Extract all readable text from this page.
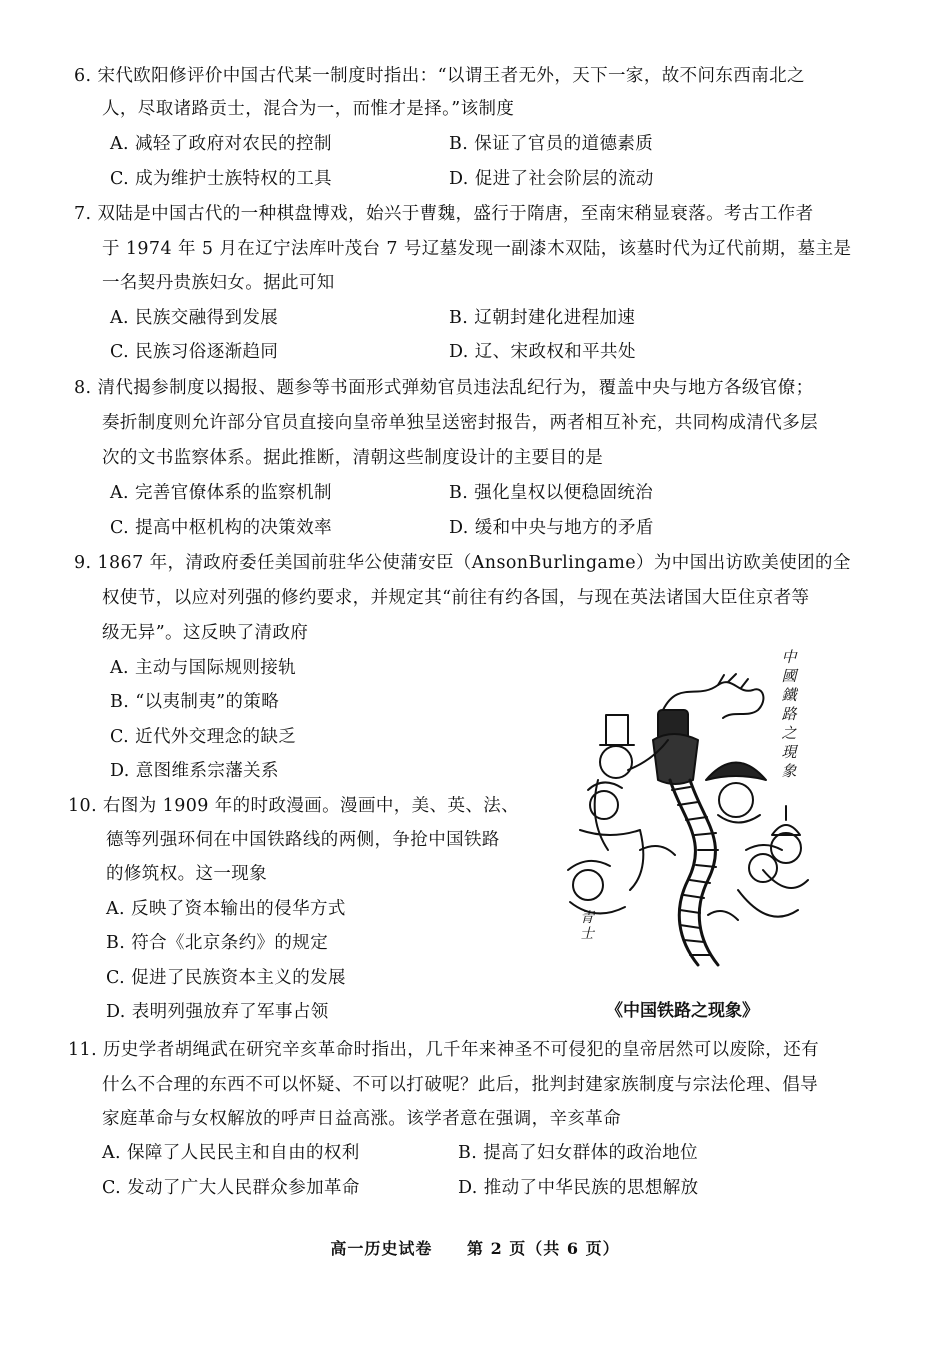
6. 宋代欧阳修评价中国古代某一制度时指出：“以谓王者无外，天下一家，故不问东西南北之
人，尽取诸路贡士，混合为一，而惟才是择。”该制度
A. 减轻了政府对农民的控制	B. 保证了官员的道德素质
C. 成为维护士族特权的工具	D. 促进了社会阶层的流动
7. 双陆是中国古代的一种棋盘博戏，始兴于曹魏，盛行于隋唐，至南宋稍显衰落。考古工作者
于 1974 年 5 月在辽宁法库叶茂台 7 号辽墓发现一副漆木双陆，该墓时代为辽代前期，墓主是
一名契丹贵族妇女。据此可知
A. 民族交融得到发展	B. 辽朝封建化进程加速
C. 民族习俗逐渐趋同	D. 辽、宋政权和平共处
8. 清代揭参制度以揭报、题参等书面形式弹劾官员违法乱纪行为，覆盖中央与地方各级官僚；
奏折制度则允许部分官员直接向皇帝单独呈送密封报告，两者相互补充，共同构成清代多层
次的文书监察体系。据此推断，清朝这些制度设计的主要目的是
A. 完善官僚体系的监察机制	B. 强化皇权以便稳固统治
C. 提高中枢机构的决策效率	D. 缓和中央与地方的矛盾
9. 1867 年，清政府委任美国前驻华公使蒲安臣（AnsonBurlingame）为中国出访欧美使团的全
权使节，以应对列强的修约要求，并规定其“前往有约各国，与现在英法诸国大臣住京者等
级无异”。这反映了清政府
A. 主动与国际规则接轨
B. “以夷制夷”的策略
C. 近代外交理念的缺乏
D. 意图维系宗藩关系
10. 右图为 1909 年的时政漫画。漫画中，美、英、法、
德等列强环伺在中国铁路线的两侧，争抢中国铁路
的修筑权。这一现象
A. 反映了资本输出的侵华方式
B. 符合《北京条约》的规定
C. 促进了民族资本主义的发展
D. 表明列强放弃了军事占领
中國鐵路之現象
青士
《中国铁路之现象》
11. 历史学者胡绳武在研究辛亥革命时指出，几千年来神圣不可侵犯的皇帝居然可以废除，还有
什么不合理的东西不可以怀疑、不可以打破呢？此后，批判封建家族制度与宗法伦理、倡导
家庭革命与女权解放的呼声日益高涨。该学者意在强调，辛亥革命
A. 保障了人民民主和自由的权利	B. 提高了妇女群体的政治地位
C. 发动了广大人民群众参加革命	D. 推动了中华民族的思想解放
高一历史试卷 第 2 页（共 6 页）
